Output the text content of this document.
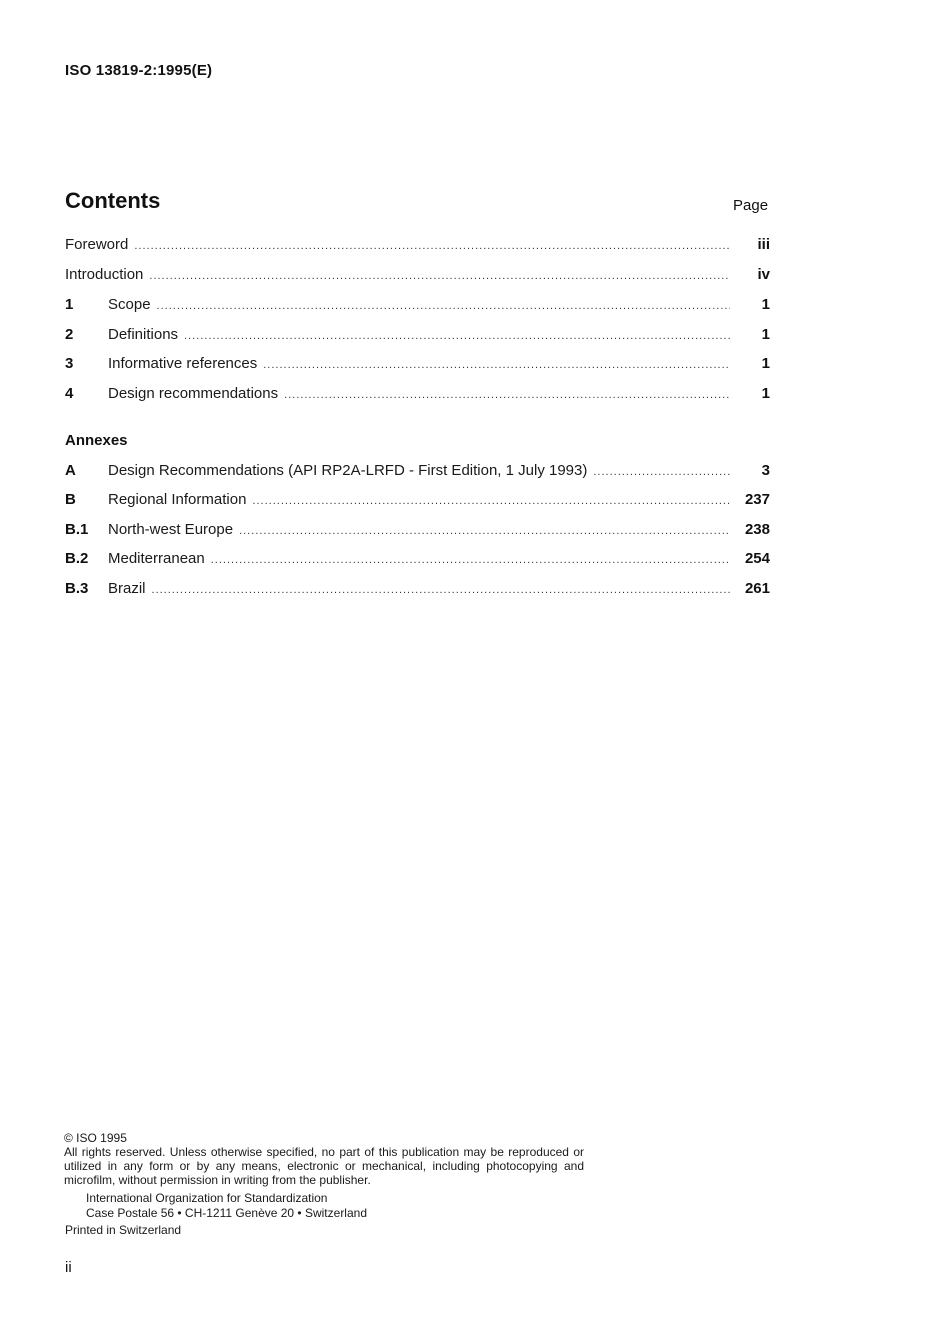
ISO 13819-2:1995(E)
Contents	Page
Foreword .....	iii
Introduction .....	iv
1	Scope .....	1
2	Definitions .....	1
3	Informative references .....	1
4	Design recommendations .....	1
Annexes
A	Design Recommendations (API RP2A-LRFD - First Edition, 1 July 1993) .....	3
B	Regional Information .....	237
B.1	North-west Europe .....	238
B.2	Mediterranean .....	254
B.3	Brazil .....	261
© ISO 1995
All rights reserved. Unless otherwise specified, no part of this publication may be reproduced or utilized in any form or by any means, electronic or mechanical, including photocopying and microfilm, without permission in writing from the publisher.
International Organization for Standardization
Case Postale 56 • CH-1211 Genève 20 • Switzerland
Printed in Switzerland
ii
